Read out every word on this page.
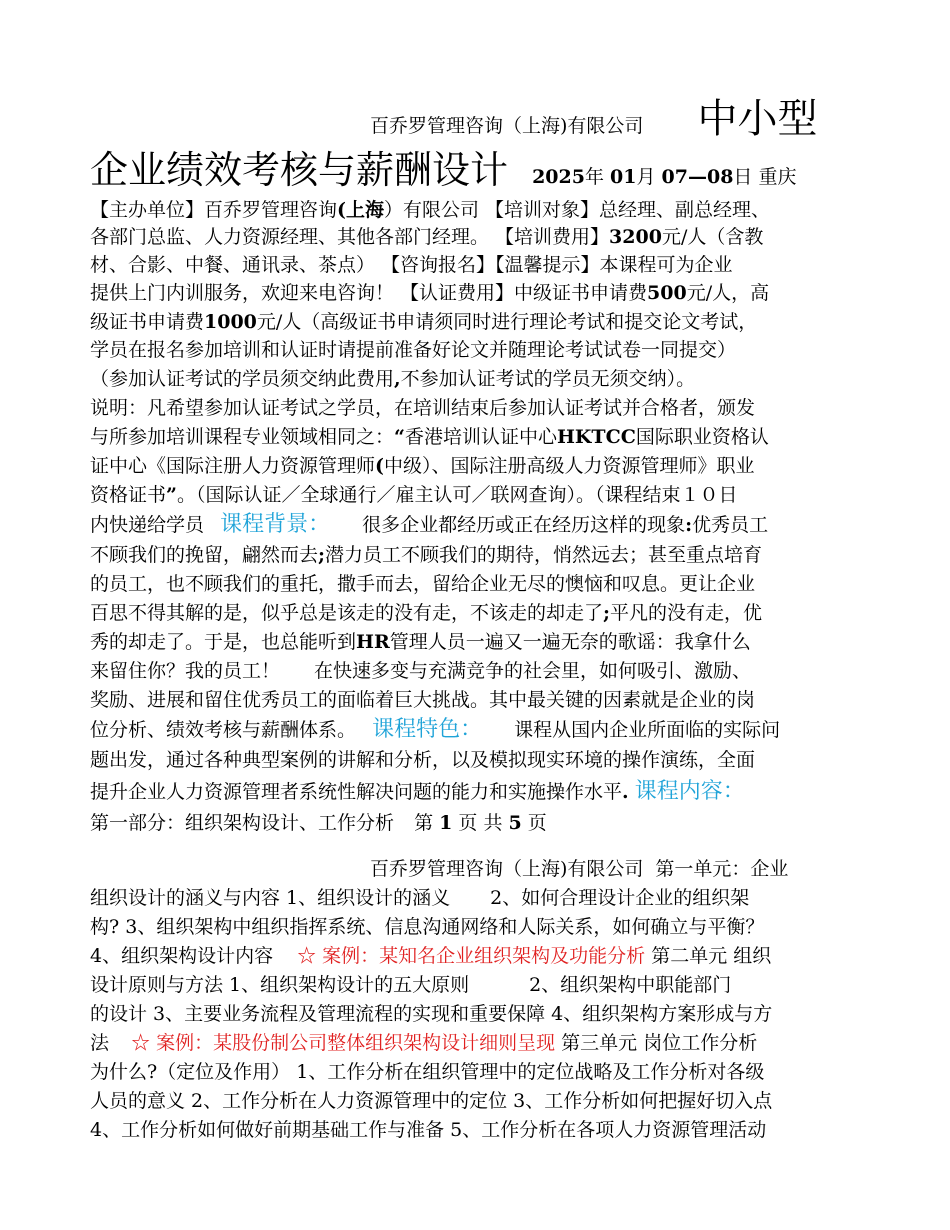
百乔罗管理咨询（上海)有限公司 中小型
企业绩效考核与薪酬设计 2025年 01月 07—08日 重庆
【主办单位】百乔罗管理咨询(上海）有限公司 【培训对象】总经理、副总经理、
各部门总监、人力资源经理、其他各部门经理。 【培训费用】3200元/人（含教
材、合影、中餐、通讯录、茶点） 【咨询报名】【温馨提示】本课程可为企业
提供上门内训服务，欢迎来电咨询！ 【认证费用】中级证书申请费500元/人，高
级证书申请费1000元/人（高级证书申请须同时进行理论考试和提交论文考试，
学员在报名参加培训和认证时请提前准备好论文并随理论考试试卷一同提交）
（参加认证考试的学员须交纳此费用,不参加认证考试的学员无须交纳）。
说明：凡希望参加认证考试之学员，在培训结束后参加认证考试并合格者，颁发
与所参加培训课程专业领域相同之：“香港培训认证中心HKTCC国际职业资格认
证中心《国际注册人力资源管理师(中级）、国际注册高级人力资源管理师》职业
资格证书”。（国际认证／全球通行／雇主认可／联网查询）。（课程结束１０日
内快递给学员 课程背景： 很多企业都经历或正在经历这样的现象:优秀员工
不顾我们的挽留，翩然而去;潜力员工不顾我们的期待，悄然远去；甚至重点培育
的员工，也不顾我们的重托，撒手而去，留给企业无尽的懊恼和叹息。更让企业
百思不得其解的是，似乎总是该走的没有走，不该走的却走了;平凡的没有走，优
秀的却走了。于是，也总能听到HR管理人员一遍又一遍无奈的歌谣：我拿什么
来留住你？我的员工！ 在快速多变与充满竞争的社会里，如何吸引、激励、
奖励、进展和留住优秀员工的面临着巨大挑战。其中最关键的因素就是企业的岗
位分析、绩效考核与薪酬体系。 课程特色： 课程从国内企业所面临的实际问
题出发，通过各种典型案例的讲解和分析，以及模拟现实环境的操作演练，全面
提升企业人力资源管理者系统性解决问题的能力和实施操作水平. 课程内容：
第一部分：组织架构设计、工作分析 第 1 页 共 5 页
百乔罗管理咨询（上海)有限公司 第一单元：企业
组织设计的涵义与内容 1、组织设计的涵义 2、如何合理设计企业的组织架
构? 3、组织架构中组织指挥系统、信息沟通网络和人际关系，如何确立与平衡？
4、组织架构设计内容 ☆ 案例：某知名企业组织架构及功能分析 第二单元 组织
设计原则与方法 1、组织架构设计的五大原则	2、组织架构中职能部门
的设计 3、主要业务流程及管理流程的实现和重要保障 4、组织架构方案形成与方
法 ☆ 案例：某股份制公司整体组织架构设计细则呈现 第三单元 岗位工作分析
为什么?（定位及作用） 1、工作分析在组织管理中的定位战略及工作分析对各级
人员的意义 2、工作分析在人力资源管理中的定位 3、工作分析如何把握好切入点
4、工作分析如何做好前期基础工作与准备 5、工作分析在各项人力资源管理活动
